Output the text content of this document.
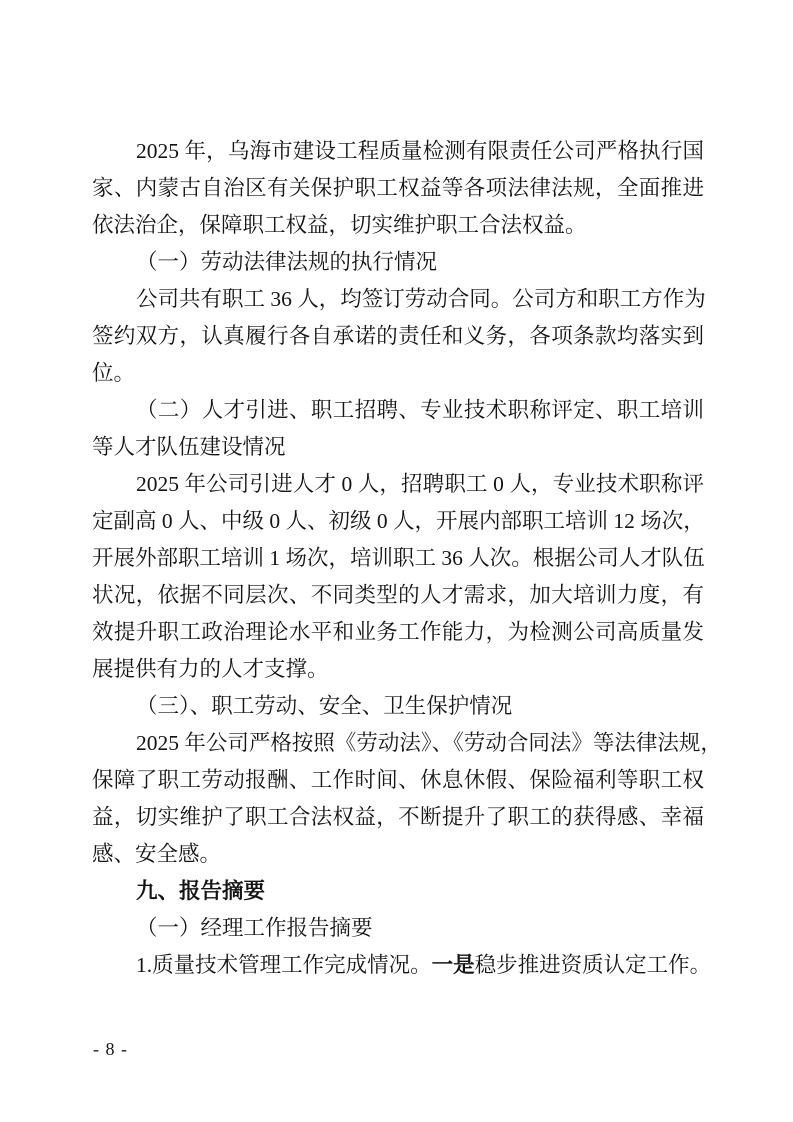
2025 年，乌海市建设工程质量检测有限责任公司严格执行国
家、内蒙古自治区有关保护职工权益等各项法律法规，全面推进
依法治企，保障职工权益，切实维护职工合法权益。
（一）劳动法律法规的执行情况
公司共有职工 36 人，均签订劳动合同。公司方和职工方作为
签约双方，认真履行各自承诺的责任和义务，各项条款均落实到
位。
（二）人才引进、职工招聘、专业技术职称评定、职工培训
等人才队伍建设情况
2025 年公司引进人才 0 人，招聘职工 0 人，专业技术职称评
定副高 0 人、中级 0 人、初级 0 人，开展内部职工培训 12 场次，
开展外部职工培训 1 场次，培训职工 36 人次。根据公司人才队伍
状况，依据不同层次、不同类型的人才需求，加大培训力度，有
效提升职工政治理论水平和业务工作能力，为检测公司高质量发
展提供有力的人才支撑。
（三）、职工劳动、安全、卫生保护情况
2025 年公司严格按照《劳动法》、《劳动合同法》等法律法规，
保障了职工劳动报酬、工作时间、休息休假、保险福利等职工权
益，切实维护了职工合法权益，不断提升了职工的获得感、幸福
感、安全感。
九、报告摘要
（一）经理工作报告摘要
1.质量技术管理工作完成情况。一是稳步推进资质认定工作。
- 8 -
